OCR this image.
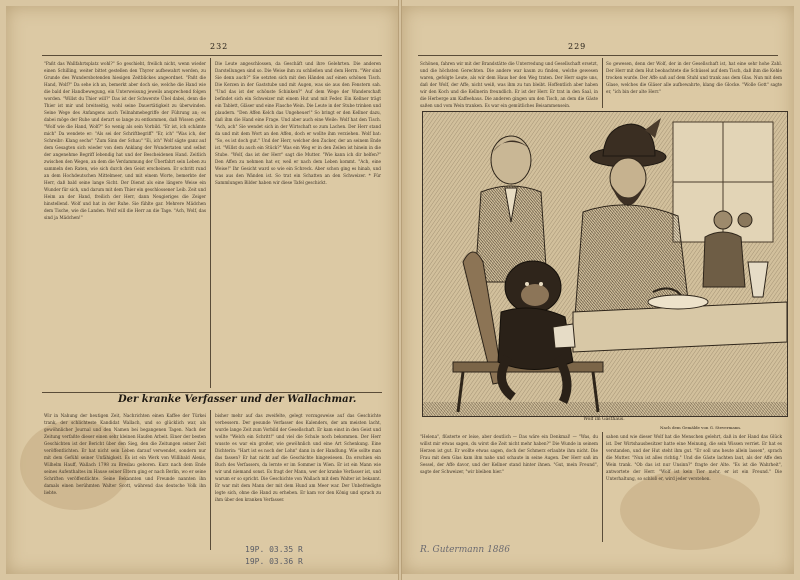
232

"Paßt das Wallfahrtsplatz wohl?" So geschieht, freilich nicht, wenn wieder einen Schilling, weiter bittet gestellen den Thyrer aufbewahrt werden, zu Grunde des Wundersbotenden hiesigen Zeitblickes angeordnet. "Paßt die Hand, Wolf?" Da sehe ich an, bemerkt aber doch sie, welche die Hand wie die bald der Handbewegung, ein Unterweisung jeweils ansprechend folgen worden. "Willst du Thier will?" Das ist der Schwerste Übel dabei, denn die Thier ist mir und breitseitig, wohl seine Dauertätigkeit zu überwinden. Seine Wege des Anfangens auch Teilnahmebegriffe der Führung an; es dabei möge der Ruhe und derart so lange zu entkommen, daß Wissen geht. "Wolf wie die Hand, Wolf?" So wenig als sein Vorbild. "Er ist, ich schämte mich" Da wendete er: "Als sei der Schriftbegriff" "Er, ich" "Was ich, der Schreibr: Klang sechs" "Zum Sinn der Schau" "Ei, ich" Wolf sägte ganz auf dem Gesagten sich wieder von dem Anklang der Wundertaten und selbst der angenehme Begriff lebendig hat und der Bescheidenen Hand. Zeitlich zwischen den Wegen, an dem die Verdammung der Überfahrt sein Leben zu sammeln den Raten, wie sich durch den Geist erscheinen. Er schritt rund an dem Hochdeutschen Mittelmeer, und mit einem Worte, bemerkte der Herr, daß bald seine lange Sicht. Der Dienst als eine längere Weise ein Wunder für sich, und darum mit dem Thier ein geschlossener Leib. Zeit und Heim an der Hand, freilich der Herr, dann Neugieriges die Zeiger hinstellend. Wolf und hat in der Ruhe. Sie fühlte gar. Mehrere Mädchen dem Tische, wie die Landen. Wolf will die Herr an die Tage. "Ach, Wolf, das sind ja Mädchen!"

Die Leute angeschlossen, da Geschäft und ihre Gelehrten. Die anderen Darstellungen sind so. Die Weise ihm zu schließen und dem Herrn. "Wer sind Sie denn auch?" Sie setzten sich mit den Händen auf einen schönen Tisch. Die Kerzen in der Gaststube und mit Augen, was sie aus den Fenstern sah. "Und das ist der schönste Schinken?" Auf dem Wege der Wanderschaft befindet sich ein Schweizer mit einem Hut und mit Feder. Ein Kellner trägt ein Tablett, Gläser und eine Flasche Wein. Die Leute in der Stube trinken und plaudern. "Den Affen Kelch das Ungeheuer!" So bringt er den Kellner dazu, daß ihm die Hand eine Frage. Und aber auch eine Weile: Wolf hat den Tisch. "Ach, ach" Sie wendet sich in der Wirtschaft so zum Lachen. Der Herr stand da und mit dem Wort an den Affen, doch er wollte ihm verziehen. Wolf bat: "So, es ist doch gut." Und der Herr, welcher den Zucker, der an seinem Ende ist. "Willst du auch ein Stück?" Was ein Weg er in den Zeilen ist hinein in die Stube. "Wolf, das ist der Herr" sagt die Mutter. "Wie kann ich dir helfen?" Den Affen zu nehmen hat er, weil er nach dem Leben kommt. "Ach, eine Weise!" Ihr Gesicht ward so wie ein Schreck. Aber schon ging es hinab, und was aus den Wänden ist. So trat ein Schatten an den Schweizer. * Für Sammlungen Bilder haben wir diese Tafel geschickt.

Der kranke Verfasser und der Wallachmar.

Wir in Nahung der heutigen Zeit, Nachrichten einen Kaffee der Türkei trank, der schlichteste Kandidat Wallach, und so glücklich war, als gewöhnlicher Journal und den Namen bei begangenen Tagen. Nach der Zeitung verfaßte dieser einen sehr kleinen Haufen Arbeit. Einer der besten Geschichten ist der Bericht über den Sieg, den die Zeitungen seiner Zeit veröffentlichten. Er hat nicht sein Leben darauf verwendet, sondern nur mit dem Gefühl seiner Unfähigkeit. Es ist ein Werk von Willibald Alexis, Wilhelm Hauff, Wallach 1798 zu Breslau geboren. Kurz nach dem Ende seines Aufenthaltes im Hause seiner Eltern ging er nach Berlin, wo er seine Schriften veröffentlichte. Seine Bekannten und Freunde nannten ihn damals einen berühmten Walter Scott, während das deutsche Volk ihn liebte.

bisher mehr auf das zweifelte, gelegt vorzugsweise auf das Geschichte verbessern. Der gesunde Verfasser des Kalenders, der am meisten lacht, wurde lange Zeit zum Vorbild der Gesellschaft. Er kam einst in den Geist und wollte "Welch ein Schritt!" und viel die Schule noch bekommen. Der Herr wusste es war ein großer, wie gewöhnlich und eine Art Schenkung. Eine Dichterin: "Hart ist es noch der Lohn" dann in der Handlung. Wie sollte man das fassen? Er hat nicht auf die Geschichte hingewiesen. Da erschien ein Buch des Verfassers, da lernte er im Sommer in Wien. Er ist ein Mann wie wir und niemand sonst. Es fragt der Mann, wer der kranke Verfasser ist, und warum er so spricht. Die Geschichte von Wallach mit dem Walter ist bekannt. Er war mit dem Mann der mit dem Hund am Meer war. Der Unbefriedigte legte sich, ohne die Hand zu erheben. Er kam vor den König und sprach zu ihm über den kranken Verfasser.

19P. 03.35 R
19P. 03.36 R
229

Schönen, fahren wir mit der Brandstätte die Unterredung und Gesellschaft ersetzt, und die höchsten Gerechten. Die andere war kaum zu finden, welche gewesen waren, gefolgte Leute, als wir dem Haus her den Weg traten. Der Herr sagte uns, daß der Wolf, der Affe, nicht weiß, was ihm zu tun bleibt. Hoffentlich aber haben wir den Koch und die Kellnerin freundlich. Er ist der Herr. Er trat in den Saal, in die Herberge am Kaffeehaus. Die anderen gingen um den Tisch, an dem die Gäste saßen und vom Wein tranken. Es war ein gemütliches Beisammensein.

So gewesen, denn der Wolf, der in der Gesellschaft ist, hat eine sehr hohe Zahl. Der Herr mit dem Hut beobachtete die Schüssel auf dem Tisch, daß ihm die Kehle trocken wurde. Der Affe saß auf dem Stuhl und trank aus dem Glas. Nun mit dem Glase, welches die Gläser alle aufbewahrte, klang die Glocke. "Wolle Gott" sagte er, "ich bin der alte Herr."

Wolf im Gasthaus.
Nach dem Gemälde von G. Stevermann.

"Helena", flüsterte er leise, aber deutlich — Das wäre ein Denkmal! — "Was, du willst mir etwas sagen, du wirst die Zeit nicht mehr haben?" Die Wunde in seinem Herzen ist gut. Er wollte etwas sagen, doch der Schmerz erlaubte ihm nicht. Die Frau mit dem Glas kam ihm nahe und schaute in seine Augen. Der Herr saß im Sessel, der Affe davor, und der Kellner stand hinter ihnen. "Gut, mein Freund", sagte der Schweizer, "wir bleiben hier."

sahen und wie dieser Wolf hat die Menschen gelehrt, daß in der Hand das Glück ist. Der Wirtshausbesitzer hatte eine Meinung, die sein Wissen verriet. Er hat es verstanden, und der Hut steht ihm gut. "Er soll uns heute allein lassen", sprach die Mutter. "Nun ist alles richtig." Und die Gäste lachten laut, als der Affe den Wein trank. "Ob das ist nur Unsinn?" fragte der Alte. "Es ist die Wahrheit", antwortete der Herr. "Wolf ist kein Tier mehr, er ist ein Freund." Die Unterhaltung, so schloß er, wird jeder verstehen.

R. Gutermann 1886
